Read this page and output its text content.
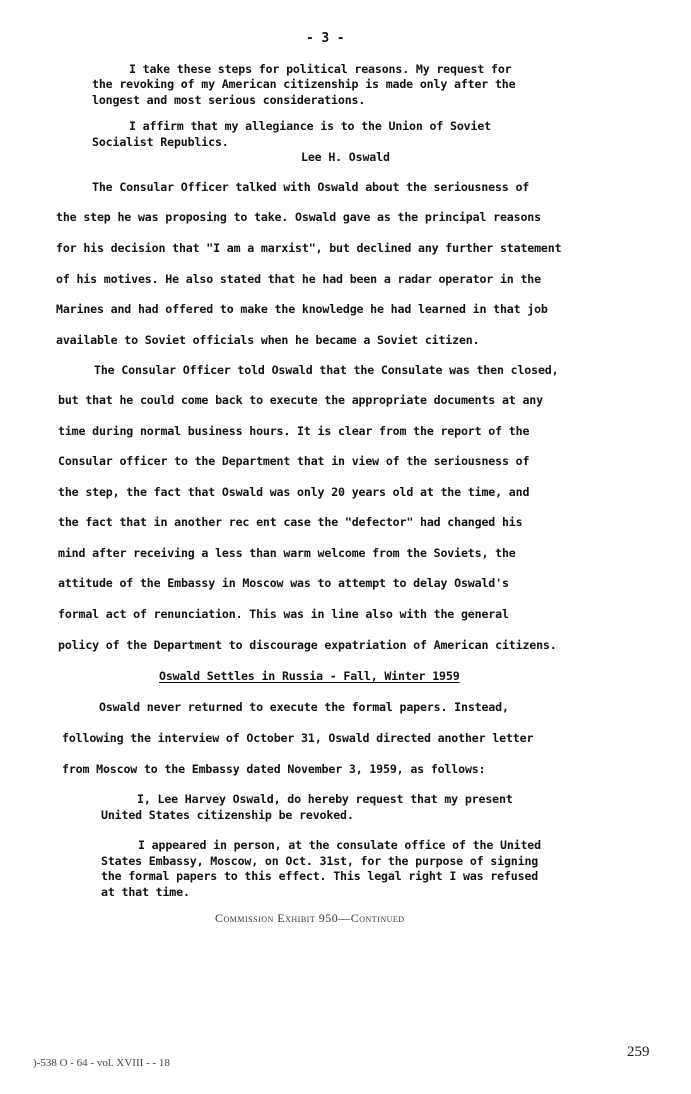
- 3 -

I take these steps for political reasons. My request for

the revoking of my American citizenship is made only after the

longest and most serious considerations.

I affirm that my allegiance is to the Union of Soviet

Socialist Republics.

Lee H. Oswald

The Consular Officer talked with Oswald about the seriousness of

the step he was proposing to take. Oswald gave as the principal reasons

for his decision that "I am a marxist", but declined any further statement

of his motives. He also stated that he had been a radar operator in the

Marines and had offered to make the knowledge he had learned in that job

available to Soviet officials when he became a Soviet citizen.

The Consular Officer told Oswald that the Consulate was then closed,

but that he could come back to execute the appropriate documents at any

time during normal business hours. It is clear from the report of the

Consular officer to the Department that in view of the seriousness of

the step, the fact that Oswald was only 20 years old at the time, and

the fact that in another rec ent case the "defector" had changed his

mind after receiving a less than warm welcome from the Soviets, the

attitude of the Embassy in Moscow was to attempt to delay Oswald's

formal act of renunciation. This was in line also with the general

policy of the Department to discourage expatriation of American citizens.

Oswald Settles in Russia - Fall, Winter 1959

Oswald never returned to execute the formal papers. Instead,

following the interview of October 31, Oswald directed another letter

from Moscow to the Embassy dated November 3, 1959, as follows:

I, Lee Harvey Oswald, do hereby request that my present

United States citizenship be revoked.

I appeared in person, at the consulate office of the United

States Embassy, Moscow, on Oct. 31st, for the purpose of signing

the formal papers to this effect. This legal right I was refused

at that time.

Commission Exhibit 950—Continued

)-538 O - 64 - vol. XVIII - - 18

259
